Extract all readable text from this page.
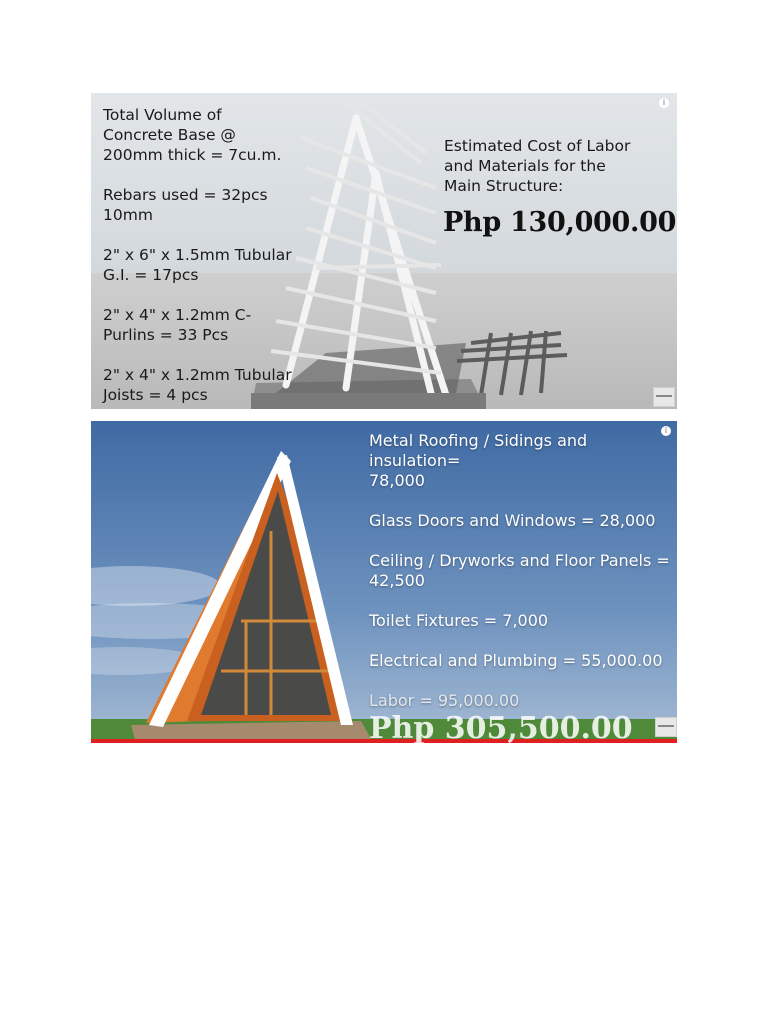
Total Volume of

Concrete Base @

200mm thick = 7cu.m.

Rebars used = 32pcs

10mm

2" x 6" x 1.5mm Tubular

G.I. = 17pcs

2" x 4" x 1.2mm C-

Purlins = 33 Pcs

2" x 4" x 1.2mm Tubular

Joists = 4 pcs

Estimated Cost of Labor

and Materials for the

Main Structure:

Php 130,000.00
i

Metal Roofing / Sidings and insulation=

78,000

Glass Doors and Windows = 28,000

Ceiling / Dryworks and Floor Panels =

42,500

Toilet Fixtures = 7,000

Electrical and Plumbing = 55,000.00

Labor = 95,000.00

Php 305,500.00
i
